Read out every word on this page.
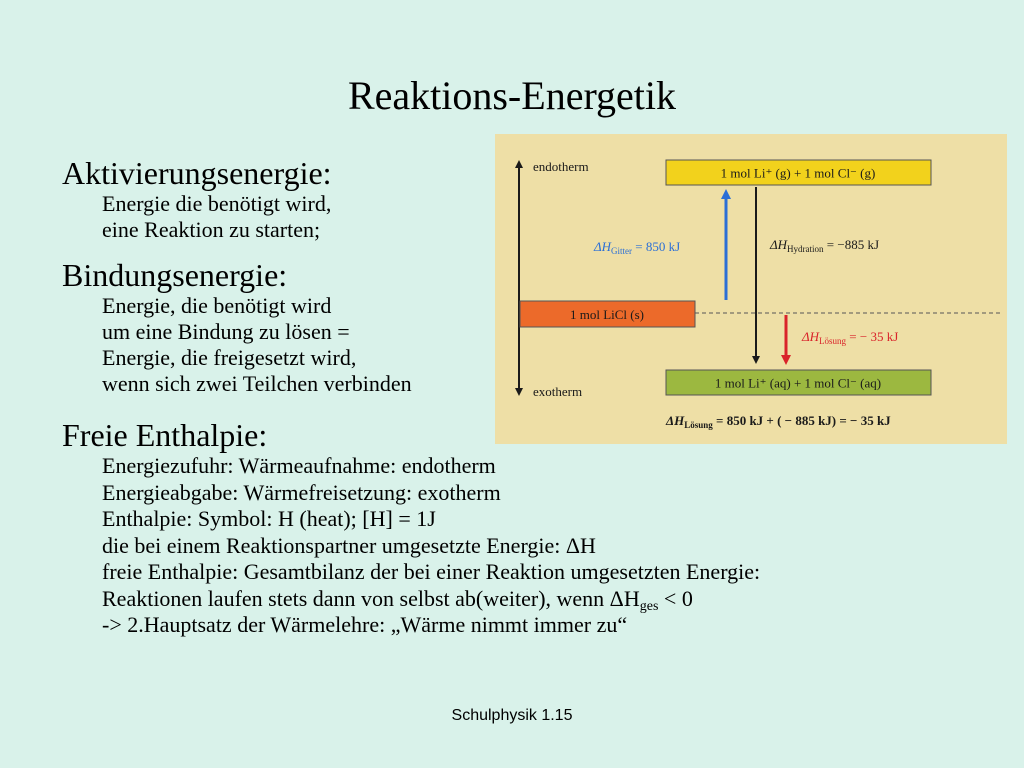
Reaktions-Energetik
Aktivierungsenergie:
Energie die benötigt wird,
eine Reaktion zu starten;
Bindungsenergie:
Energie, die benötigt wird
um eine Bindung zu lösen =
Energie, die freigesetzt wird,
wenn sich zwei Teilchen verbinden
Freie Enthalpie:
Energiezufuhr: Wärmeaufnahme: endotherm
Energieabgabe: Wärmefreisetzung: exotherm
Enthalpie: Symbol: H (heat); [H] = 1J
die bei einem Reaktionspartner umgesetzte Energie: ΔH
freie Enthalpie: Gesamtbilanz der bei einer Reaktion umgesetzten Energie:
Reaktionen laufen stets dann von selbst ab(weiter), wenn $\Delta H_{ges} < 0$
-> 2.Hauptsatz der Wärmelehre: „Wärme nimmt immer zu“
endotherm
exotherm
1 mol Li⁺ (g) + 1 mol Cl⁻ (g)
1 mol LiCl (s)
1 mol Li⁺ (aq) + 1 mol Cl⁻ (aq)
$\Delta H_{Gitter} = 850$ kJ	$\Delta H_{Hydration} = -885$ kJ
$\Delta H_{Lösung}$ = − 35 kJ
$\Delta H_{Lösung} = 850$ kJ + ( − 885 kJ) = − 35 kJ
Schulphysik 1.15
